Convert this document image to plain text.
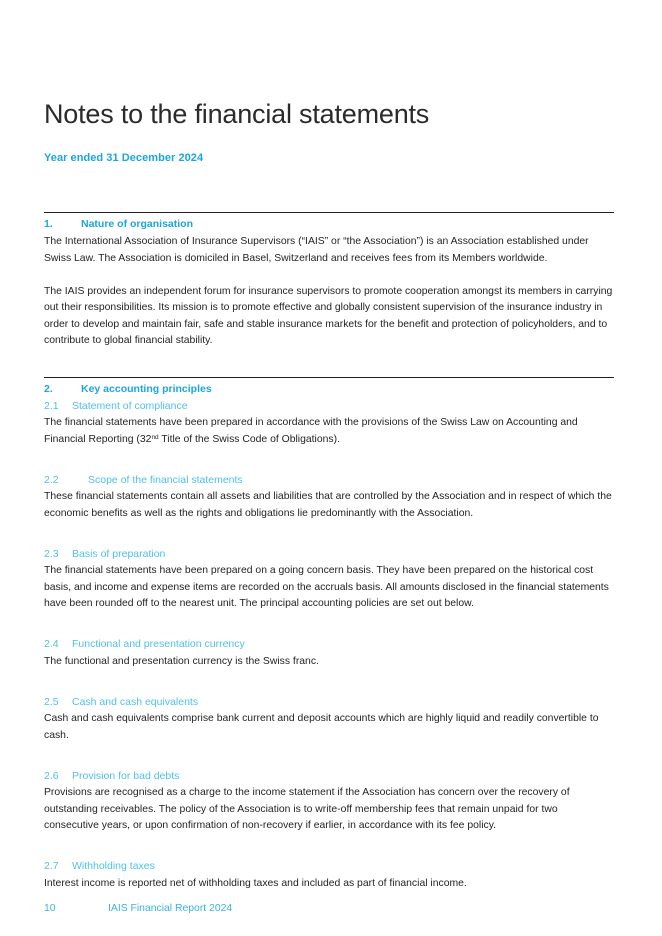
Notes to the financial statements
Year ended 31 December 2024
1.	Nature of organisation

The International Association of Insurance Supervisors (“IAIS” or “the Association”) is an Association established under Swiss Law. The Association is domiciled in Basel, Switzerland and receives fees from its Members worldwide.

The IAIS provides an independent forum for insurance supervisors to promote cooperation amongst its members in carrying out their responsibilities. Its mission is to promote effective and globally consistent supervision of the insurance industry in order to develop and maintain fair, safe and stable insurance markets for the benefit and protection of policyholders, and to contribute to global financial stability.

2.	Key accounting principles
2.1 Statement of compliance

The financial statements have been prepared in accordance with the provisions of the Swiss Law on Accounting and Financial Reporting (32nd Title of the Swiss Code of Obligations).

2.2	Scope of the financial statements

These financial statements contain all assets and liabilities that are controlled by the Association and in respect of which the economic benefits as well as the rights and obligations lie predominantly with the Association.

2.3 Basis of preparation

The financial statements have been prepared on a going concern basis. They have been prepared on the historical cost basis, and income and expense items are recorded on the accruals basis. All amounts disclosed in the financial statements have been rounded off to the nearest unit. The principal accounting policies are set out below.

2.4 Functional and presentation currency

The functional and presentation currency is the Swiss franc.

2.5 Cash and cash equivalents

Cash and cash equivalents comprise bank current and deposit accounts which are highly liquid and readily convertible to cash.

2.6 Provision for bad debts

Provisions are recognised as a charge to the income statement if the Association has concern over the recovery of outstanding receivables. The policy of the Association is to write-off membership fees that remain unpaid for two consecutive years, or upon confirmation of non-recovery if earlier, in accordance with its fee policy.

2.7 Withholding taxes

Interest income is reported net of withholding taxes and included as part of financial income.

10	IAIS Financial Report 2024
